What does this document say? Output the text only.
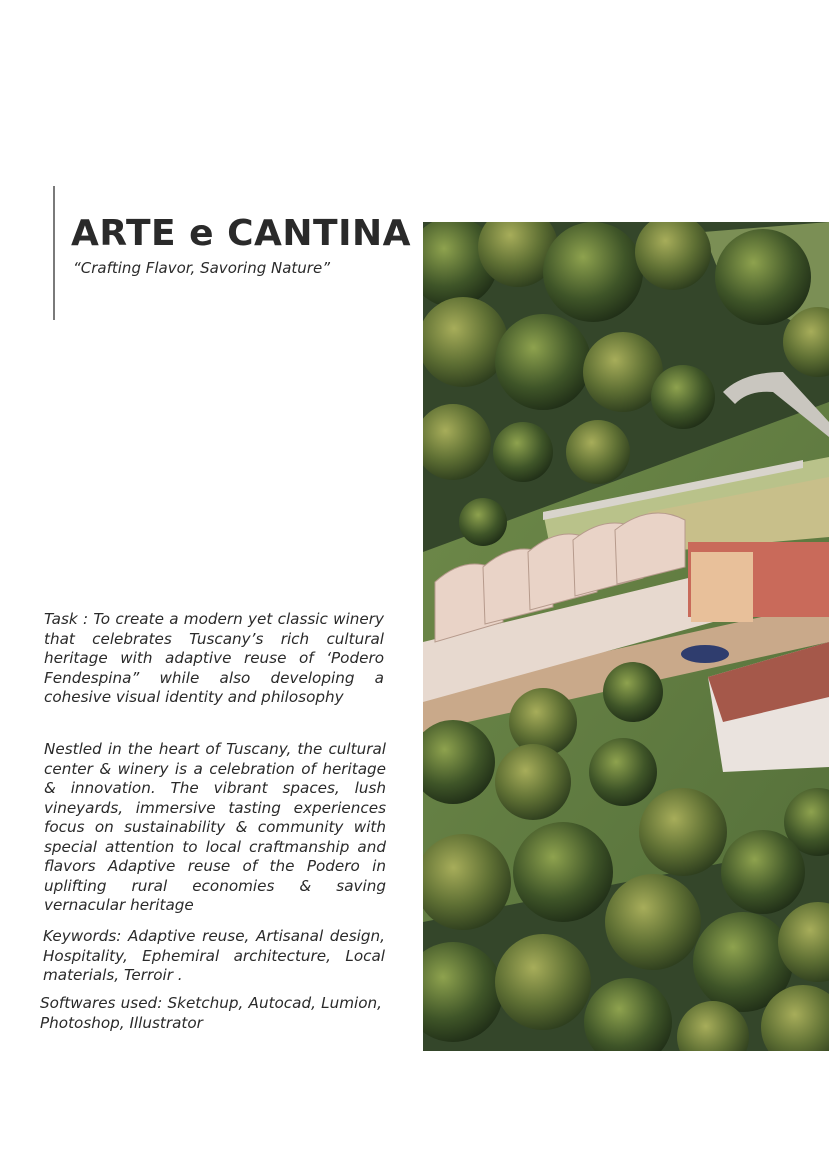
ARTE e CANTINA
“Crafting Flavor, Savoring Nature”
Task : To create a modern yet classic winery that celebrates Tuscany’s rich cultural heritage with adaptive reuse of ‘Podero Fendespina” while also developing a cohesive visual identity and philosophy
Nestled in the heart of Tuscany, the cultural center & winery is a celebration of heritage & innovation. The vibrant spaces, lush vineyards, immersive tasting experiences focus on sustainability & community with special attention to local craftmanship and flavors Adaptive reuse of the Podero in uplifting rural economies & saving vernacular heritage
Keywords: Adaptive reuse, Artisanal design, Hospitality, Ephemiral architecture, Local materials, Terroir .
Softwares used: Sketchup, Autocad, Lumion, Photoshop, Illustrator
